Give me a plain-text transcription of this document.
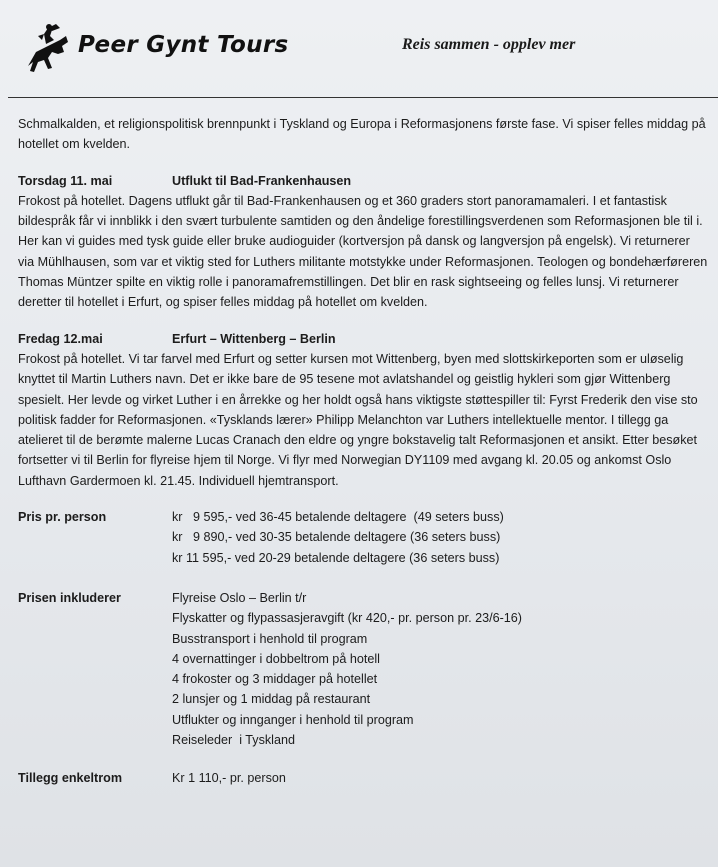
Peer Gynt Tours	Reis sammen - opplev mer

Schmalkalden, et religionspolitisk brennpunkt i Tyskland og Europa i Reformasjonens første fase. Vi spiser felles middag på hotellet om kvelden.

Torsdag 11. mai	Utflukt til Bad-Frankenhausen

Frokost på hotellet. Dagens utflukt går til Bad-Frankenhausen og et 360 graders stort panoramamaleri. I et fantastisk bildespråk får vi innblikk i den svært turbulente samtiden og den åndelige forestillingsverdenen som Reformasjonen ble til i. Her kan vi guides med tysk guide eller bruke audioguider (kortversjon på dansk og langversjon på engelsk). Vi returnerer via Mühlhausen, som var et viktig sted for Luthers militante motstykke under Reformasjonen. Teologen og bondehærføreren Thomas Müntzer spilte en viktig rolle i panoramafremstillingen. Det blir en rask sightseeing og felles lunsj. Vi returnerer deretter til hotellet i Erfurt, og spiser felles middag på hotellet om kvelden.

Fredag 12.mai	Erfurt – Wittenberg – Berlin

Frokost på hotellet. Vi tar farvel med Erfurt og setter kursen mot Wittenberg, byen med slottskirkeporten som er uløselig knyttet til Martin Luthers navn. Det er ikke bare de 95 tesene mot avlatshandel og geistlig hykleri som gjør Wittenberg spesielt. Her levde og virket Luther i en årrekke og her holdt også hans viktigste støttespiller til: Fyrst Frederik den vise sto politisk fadder for Reformasjonen. «Tysklands lærer» Philipp Melanchton var Luthers intellektuelle mentor. I tillegg ga atelieret til de berømte malerne Lucas Cranach den eldre og yngre bokstavelig talt Reformasjonen et ansikt. Etter besøket fortsetter vi til Berlin for flyreise hjem til Norge. Vi flyr med Norwegian DY1109 med avgang kl. 20.05 og ankomst Oslo Lufthavn Gardermoen kl. 21.45. Individuell hjemtransport.

Pris pr. person	kr   9 595,- ved 36-45 betalende deltagere  (49 seters buss)
kr   9 890,- ved 30-35 betalende deltagere (36 seters buss)
kr 11 595,- ved 20-29 betalende deltagere (36 seters buss)
Prisen inkluderer	Flyreise Oslo – Berlin t/r
Flyskatter og flypassasjeravgift (kr 420,- pr. person pr. 23/6-16)
Busstransport i henhold til program
4 overnattinger i dobbeltrom på hotell
4 frokoster og 3 middager på hotellet
2 lunsjer og 1 middag på restaurant
Utflukter og innganger i henhold til program
Reiseleder  i Tyskland
Tillegg enkeltrom	Kr 1 110,- pr. person
